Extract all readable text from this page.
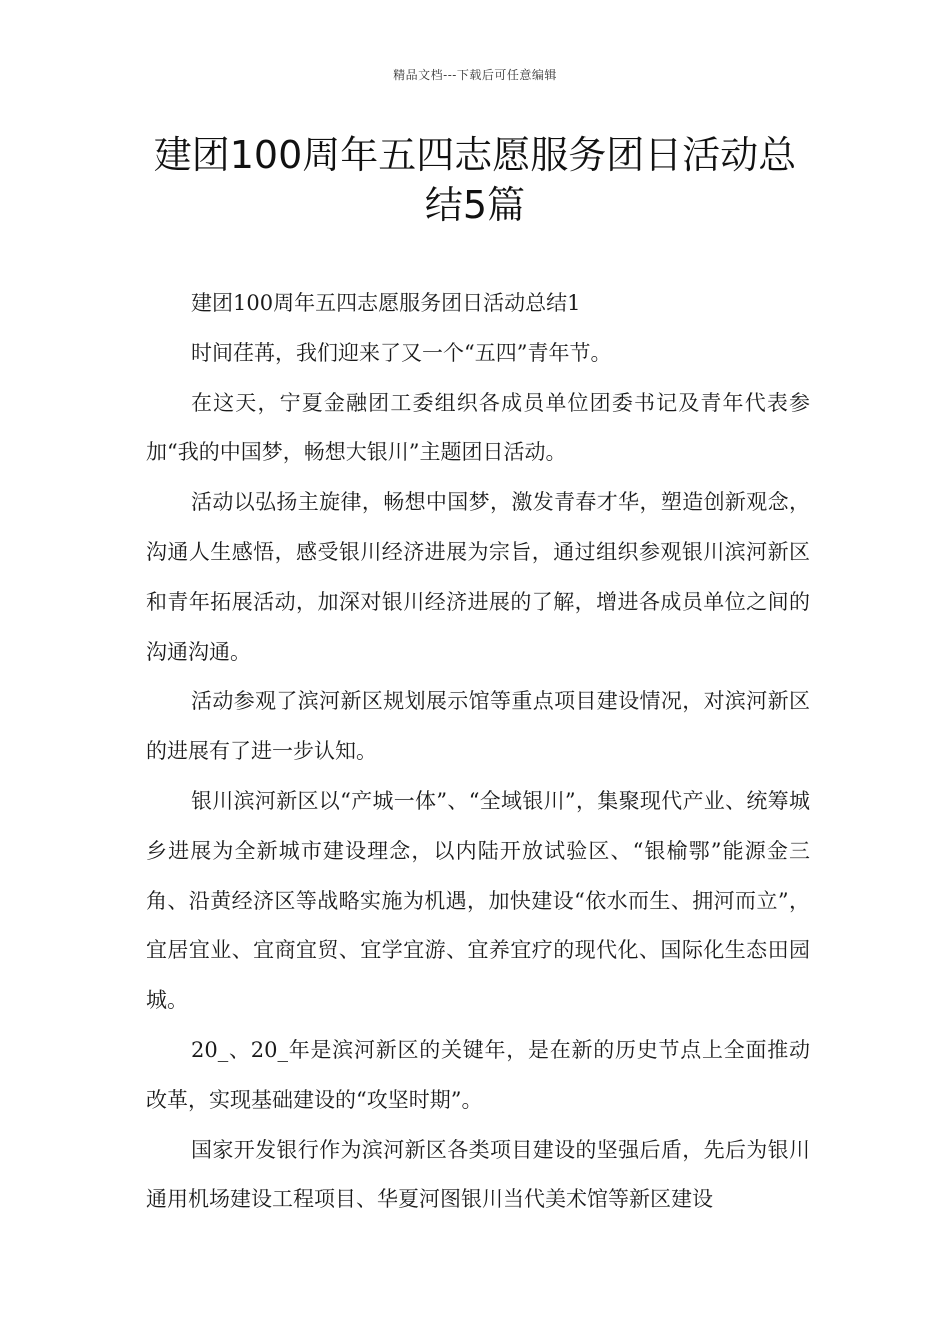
精品文档---下载后可任意编辑
建团100周年五四志愿服务团日活动总
结5篇

建团100周年五四志愿服务团日活动总结1

时间荏苒，我们迎来了又一个“五四”青年节。

在这天，宁夏金融团工委组织各成员单位团委书记及青年代表参加“我的中国梦，畅想大银川”主题团日活动。

活动以弘扬主旋律，畅想中国梦，激发青春才华，塑造创新观念，沟通人生感悟，感受银川经济进展为宗旨，通过组织参观银川滨河新区和青年拓展活动，加深对银川经济进展的了解，增进各成员单位之间的沟通沟通。

活动参观了滨河新区规划展示馆等重点项目建设情况，对滨河新区的进展有了进一步认知。

银川滨河新区以“产城一体”、“全域银川”，集聚现代产业、统筹城乡进展为全新城市建设理念，以内陆开放试验区、“银榆鄂”能源金三角、沿黄经济区等战略实施为机遇，加快建设“依水而生、拥河而立”，宜居宜业、宜商宜贸、宜学宜游、宜养宜疗的现代化、国际化生态田园城。

20_、20_年是滨河新区的关键年，是在新的历史节点上全面推动改革，实现基础建设的“攻坚时期”。

国家开发银行作为滨河新区各类项目建设的坚强后盾，先后为银川通用机场建设工程项目、华夏河图银川当代美术馆等新区建设
